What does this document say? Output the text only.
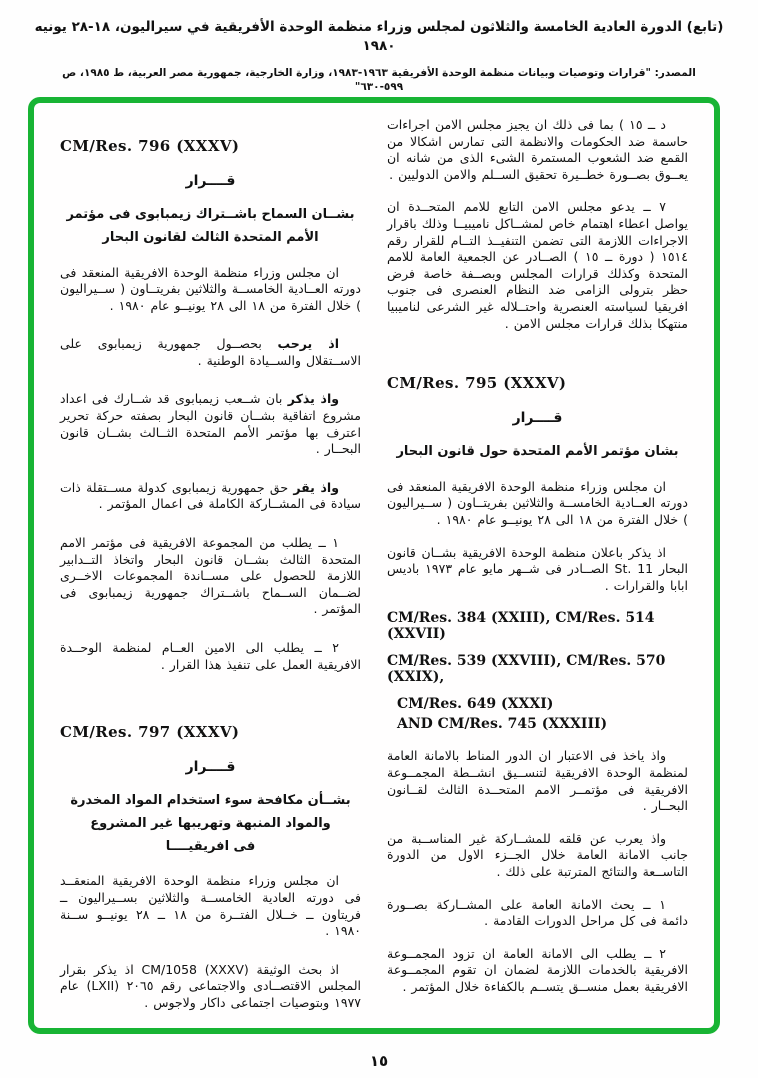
(تابع) الدورة العادية الخامسة والثلاثون لمجلس وزراء منظمة الوحدة الأفريقية في سيراليون، ١٨-٢٨ يونيه ١٩٨٠
المصدر: "قرارات وتوصيات وبيانات منظمة الوحدة الأفريقية ١٩٦٣-١٩٨٣، وزارة الخارجية، جمهورية مصر العربية، ط ١٩٨٥، ص ٥٩٩-٦٣٠"
د ــ ١٥ ) بما فى ذلك ان يجيز مجلس الامن اجراءات حاسمة ضد الحكومات والانظمة التى تمارس اشكالا من القمع ضد الشعوب المستمرة الشىء الذى من شانه ان يعــوق بصــورة خطــيرة تحقيق الســلم والامن الدوليين .
٧ ــ يدعو مجلس الامن التابع للامم المتحــدة ان يواصل اعطاء اهتمام خاص لمشــاكل ناميبيــا وذلك باقرار الاجراءات اللازمة التى تضمن التنفيــذ التــام للقرار رقم ١٥١٤ ( دورة ــ ١٥ ) الصــادر عن الجمعية العامة للامم المتحدة وكذلك قرارات المجلس وبصــفة خاصة فرض حظر بترولى الزامى ضد النظام العنصرى فى جنوب افريقيا لسياسته العنصرية واحتــلاله غير الشرعى لناميبيا منتهكا بذلك قرارات مجلس الامن .
CM/Res. 795 (XXXV)
قــــرار
بشان مؤتمر الأمم المتحدة حول قانون البحار
ان مجلس وزراء منظمة الوحدة الافريقية المنعقد فى دورته العــادية الخامســة والثلاثين بفريتــاون ( ســيراليون ) خلال الفترة من ١٨ الى ٢٨ يونيــو عام ١٩٨٠ .
اذ يذكر باعلان منظمة الوحدة الافريقية بشــان قانون البحار St. 11 الصــادر فى شــهر مايو عام ١٩٧٣ باديس ابابا والقرارات .
CM/Res. 384 (XXIII), CM/Res. 514 (XXVII)
CM/Res. 539 (XXVIII), CM/Res. 570 (XXIX),
CM/Res. 649 (XXXI)
AND CM/Res. 745 (XXXIII)
واذ ياخذ فى الاعتبار ان الدور المناط بالامانة العامة لمنظمة الوحدة الافريقية لتنســيق انشــطة المجمــوعة الافريقية فى مؤتمــر الامم المتحــدة الثالث لقــانون البحــار .
واذ يعرب عن قلقه للمشــاركة غير المناســبة من جانب الامانة العامة خلال الجــزء الاول من الدورة التاســعة والنتائج المترتبة على ذلك .
١ ــ يحث الامانة العامة على المشــاركة بصــورة دائمة فى كل مراحل الدورات القادمة .
٢ ــ يطلب الى الامانة العامة ان تزود المجمــوعة الافريقية بالخدمات اللازمة لضمان ان تقوم المجمــوعة الافريقية بعمل منســق يتســم بالكفاءة خلال المؤتمر .
CM/Res. 796 (XXXV)
قــــرار
بشــان السماح باشــتراك زيمبابوى فى مؤتمر
الأمم المتحدة الثالث لقانون البحار
ان مجلس وزراء منظمة الوحدة الافريقية المنعقد فى دورته العــادية الخامســة والثلاثين بفريتــاون ( ســيراليون ) خلال الفترة من ١٨ الى ٢٨ يونيــو عام ١٩٨٠ .
اذ يرحب بحصــول جمهورية زيمبابوى على الاســتقلال والســيادة الوطنية .
واذ يذكر بان شــعب زيمبابوى قد شــارك فى اعداد مشروع اتفاقية بشــان قانون البحار بصفته حركة تحرير اعترف بها مؤتمر الأمم المتحدة الثــالث بشــان قانون البحــار .
واذ يقر حق جمهورية زيمبابوى كدولة مســتقلة ذات سيادة فى المشــاركة الكاملة فى اعمال المؤتمر .
١ ــ يطلب من المجموعة الافريقية فى مؤتمر الامم المتحدة الثالث بشــان قانون البحار واتخاذ التــدابير اللازمة للحصول على مســاندة المجموعات الاخــرى لضــمان الســماح باشــتراك جمهورية زيمبابوى فى المؤتمر .
٢ ــ يطلب الى الامين العــام لمنظمة الوحــدة الافريقية العمل على تنفيذ هذا القرار .
CM/Res. 797 (XXXV)
قــــرار
بشــأن مكافحة سوء استخدام المواد المخدرة
والمواد المنبهة وتهريبها غير المشروع
فى افريقيــــا
ان مجلس وزراء منظمة الوحدة الافريقية المنعقــد فى دورته العادية الخامســة والثلاثين بســيراليون ــ فريتاون ــ خــلال الفتــرة من ١٨ ــ ٢٨ يونيــو ســنة ١٩٨٠ .
اذ بحث الوثيقة CM/1058 (XXXV) اذ يذكر بقرار المجلس الاقتصــادى والاجتماعى رقم ٢٠٦٥ (LXII) عام ١٩٧٧ وبتوصيات اجتماعى داكار ولاجوس .
١٥
